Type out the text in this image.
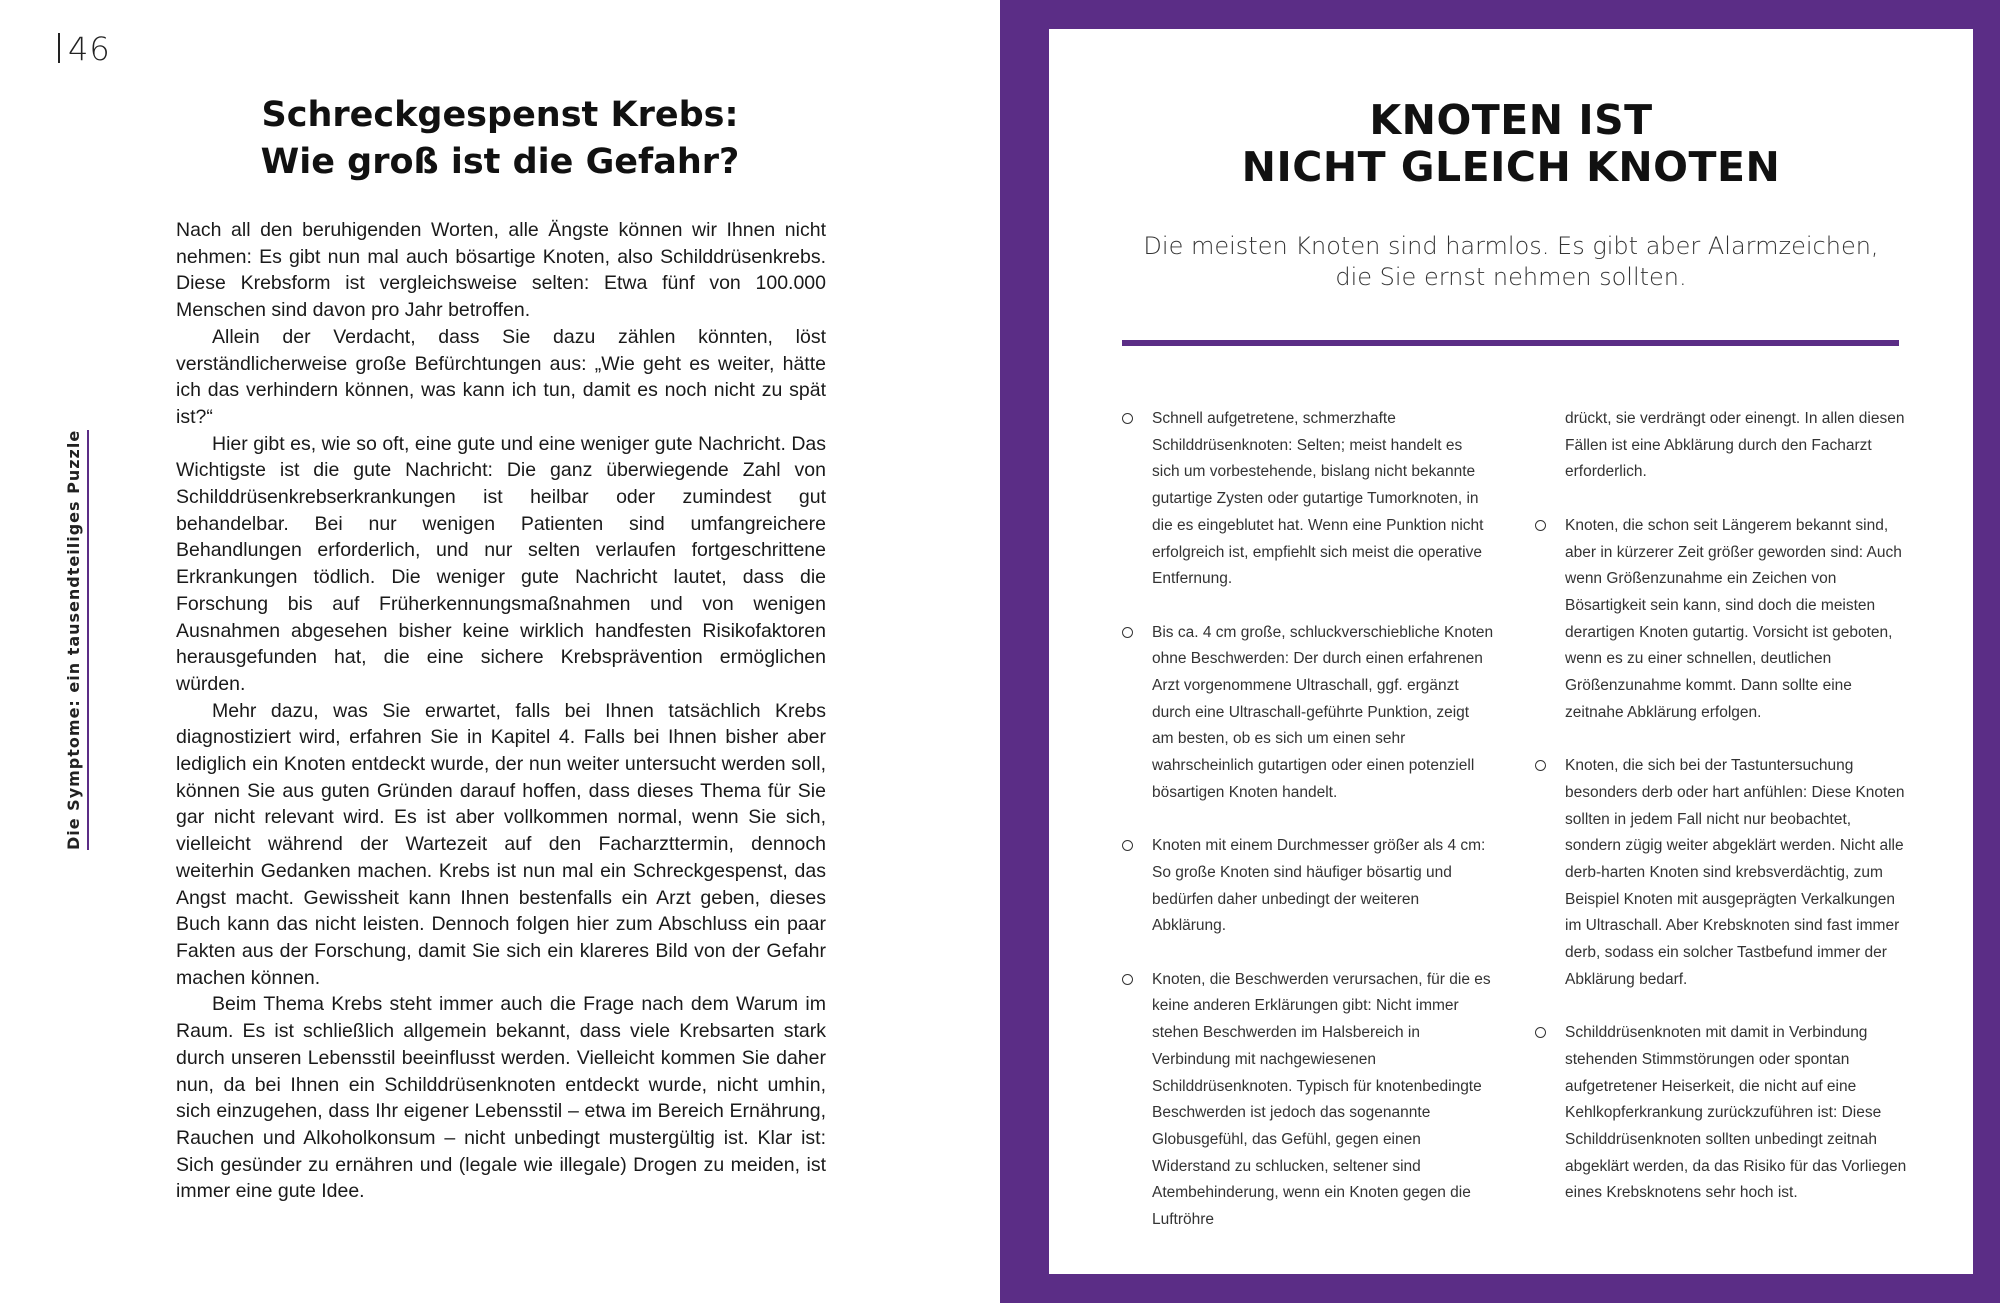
46
Die Symptome: ein tausendteiliges Puzzle
Schreckgespenst Krebs:
Wie groß ist die Gefahr?

Nach all den beruhigenden Worten, alle Ängste können wir Ihnen nicht nehmen: Es gibt nun mal auch bösartige Knoten, also Schilddrüsenkrebs. Diese Krebsform ist vergleichsweise selten: Etwa fünf von 100.000 Menschen sind davon pro Jahr betroffen.

Allein der Verdacht, dass Sie dazu zählen könnten, löst verständlicherweise große Befürchtungen aus: „Wie geht es weiter, hätte ich das verhindern können, was kann ich tun, damit es noch nicht zu spät ist?“

Hier gibt es, wie so oft, eine gute und eine weniger gute Nachricht. Das Wichtigste ist die gute Nachricht: Die ganz überwiegende Zahl von Schilddrüsenkrebserkrankungen ist heilbar oder zumindest gut behandelbar. Bei nur wenigen Patienten sind umfangreichere Behandlungen erforderlich, und nur selten verlaufen fortgeschrittene Erkrankungen tödlich. Die weniger gute Nachricht lautet, dass die Forschung bis auf Früherkennungsmaßnahmen und von wenigen Ausnahmen abgesehen bisher keine wirklich handfesten Risikofaktoren herausgefunden hat, die eine sichere Krebsprävention ermöglichen würden.

Mehr dazu, was Sie erwartet, falls bei Ihnen tatsächlich Krebs diagnostiziert wird, erfahren Sie in Kapitel 4. Falls bei Ihnen bisher aber lediglich ein Knoten entdeckt wurde, der nun weiter untersucht werden soll, können Sie aus guten Gründen darauf hoffen, dass dieses Thema für Sie gar nicht relevant wird. Es ist aber vollkommen normal, wenn Sie sich, vielleicht während der Wartezeit auf den Facharzttermin, dennoch weiterhin Gedanken machen. Krebs ist nun mal ein Schreckgespenst, das Angst macht. Gewissheit kann Ihnen bestenfalls ein Arzt geben, dieses Buch kann das nicht leisten. Dennoch folgen hier zum Abschluss ein paar Fakten aus der Forschung, damit Sie sich ein klareres Bild von der Gefahr machen können.

Beim Thema Krebs steht immer auch die Frage nach dem Warum im Raum. Es ist schließlich allgemein bekannt, dass viele Krebsarten stark durch unseren Lebensstil beeinflusst werden. Vielleicht kommen Sie daher nun, da bei Ihnen ein Schilddrüsenknoten entdeckt wurde, nicht umhin, sich einzugehen, dass Ihr eigener Lebensstil – etwa im Bereich Ernährung, Rauchen und Alkoholkonsum – nicht unbedingt mustergültig ist. Klar ist: Sich gesünder zu ernähren und (legale wie illegale) Drogen zu meiden, ist immer eine gute Idee.

KNOTEN IST
NICHT GLEICH KNOTEN
Die meisten Knoten sind harmlos. Es gibt aber Alarmzeichen,
die Sie ernst nehmen sollten.
Schnell aufgetretene, schmerzhafte Schilddrüsenknoten: Selten; meist handelt es sich um vorbestehende, bislang nicht bekannte gutartige Zysten oder gutartige Tumorknoten, in die es eingeblutet hat. Wenn eine Punktion nicht erfolgreich ist, empfiehlt sich meist die operative Entfernung.
Bis ca. 4 cm große, schluckverschiebliche Knoten ohne Beschwerden: Der durch einen erfahrenen Arzt vorgenommene Ultraschall, ggf. ergänzt durch eine Ultraschall-geführte Punktion, zeigt am besten, ob es sich um einen sehr wahrscheinlich gutartigen oder einen potenziell bösartigen Knoten handelt.
Knoten mit einem Durchmesser größer als 4 cm: So große Knoten sind häufiger bösartig und bedürfen daher unbedingt der weiteren Abklärung.
Knoten, die Beschwerden verursachen, für die es keine anderen Erklärungen gibt: Nicht immer stehen Beschwerden im Halsbereich in Verbindung mit nachgewiesenen Schilddrüsenknoten. Typisch für knotenbedingte Beschwerden ist jedoch das sogenannte Globusgefühl, das Gefühl, gegen einen Widerstand zu schlucken, seltener sind Atembehinderung, wenn ein Knoten gegen die Luftröhre
drückt, sie verdrängt oder einengt. In allen diesen Fällen ist eine Abklärung durch den Facharzt erforderlich.
Knoten, die schon seit Längerem bekannt sind, aber in kürzerer Zeit größer geworden sind: Auch wenn Größenzunahme ein Zeichen von Bösartigkeit sein kann, sind doch die meisten derartigen Knoten gutartig. Vorsicht ist geboten, wenn es zu einer schnellen, deutlichen Größenzunahme kommt. Dann sollte eine zeitnahe Abklärung erfolgen.
Knoten, die sich bei der Tastuntersuchung besonders derb oder hart anfühlen: Diese Knoten sollten in jedem Fall nicht nur beobachtet, sondern zügig weiter abgeklärt werden. Nicht alle derb-harten Knoten sind krebsverdächtig, zum Beispiel Knoten mit ausgeprägten Verkalkungen im Ultraschall. Aber Krebsknoten sind fast immer derb, sodass ein solcher Tastbefund immer der Abklärung bedarf.
Schilddrüsenknoten mit damit in Verbindung stehenden Stimmstörungen oder spontan aufgetretener Heiserkeit, die nicht auf eine Kehlkopferkrankung zurückzuführen ist: Diese Schilddrüsenknoten sollten unbedingt zeitnah abgeklärt werden, da das Risiko für das Vorliegen eines Krebsknotens sehr hoch ist.
